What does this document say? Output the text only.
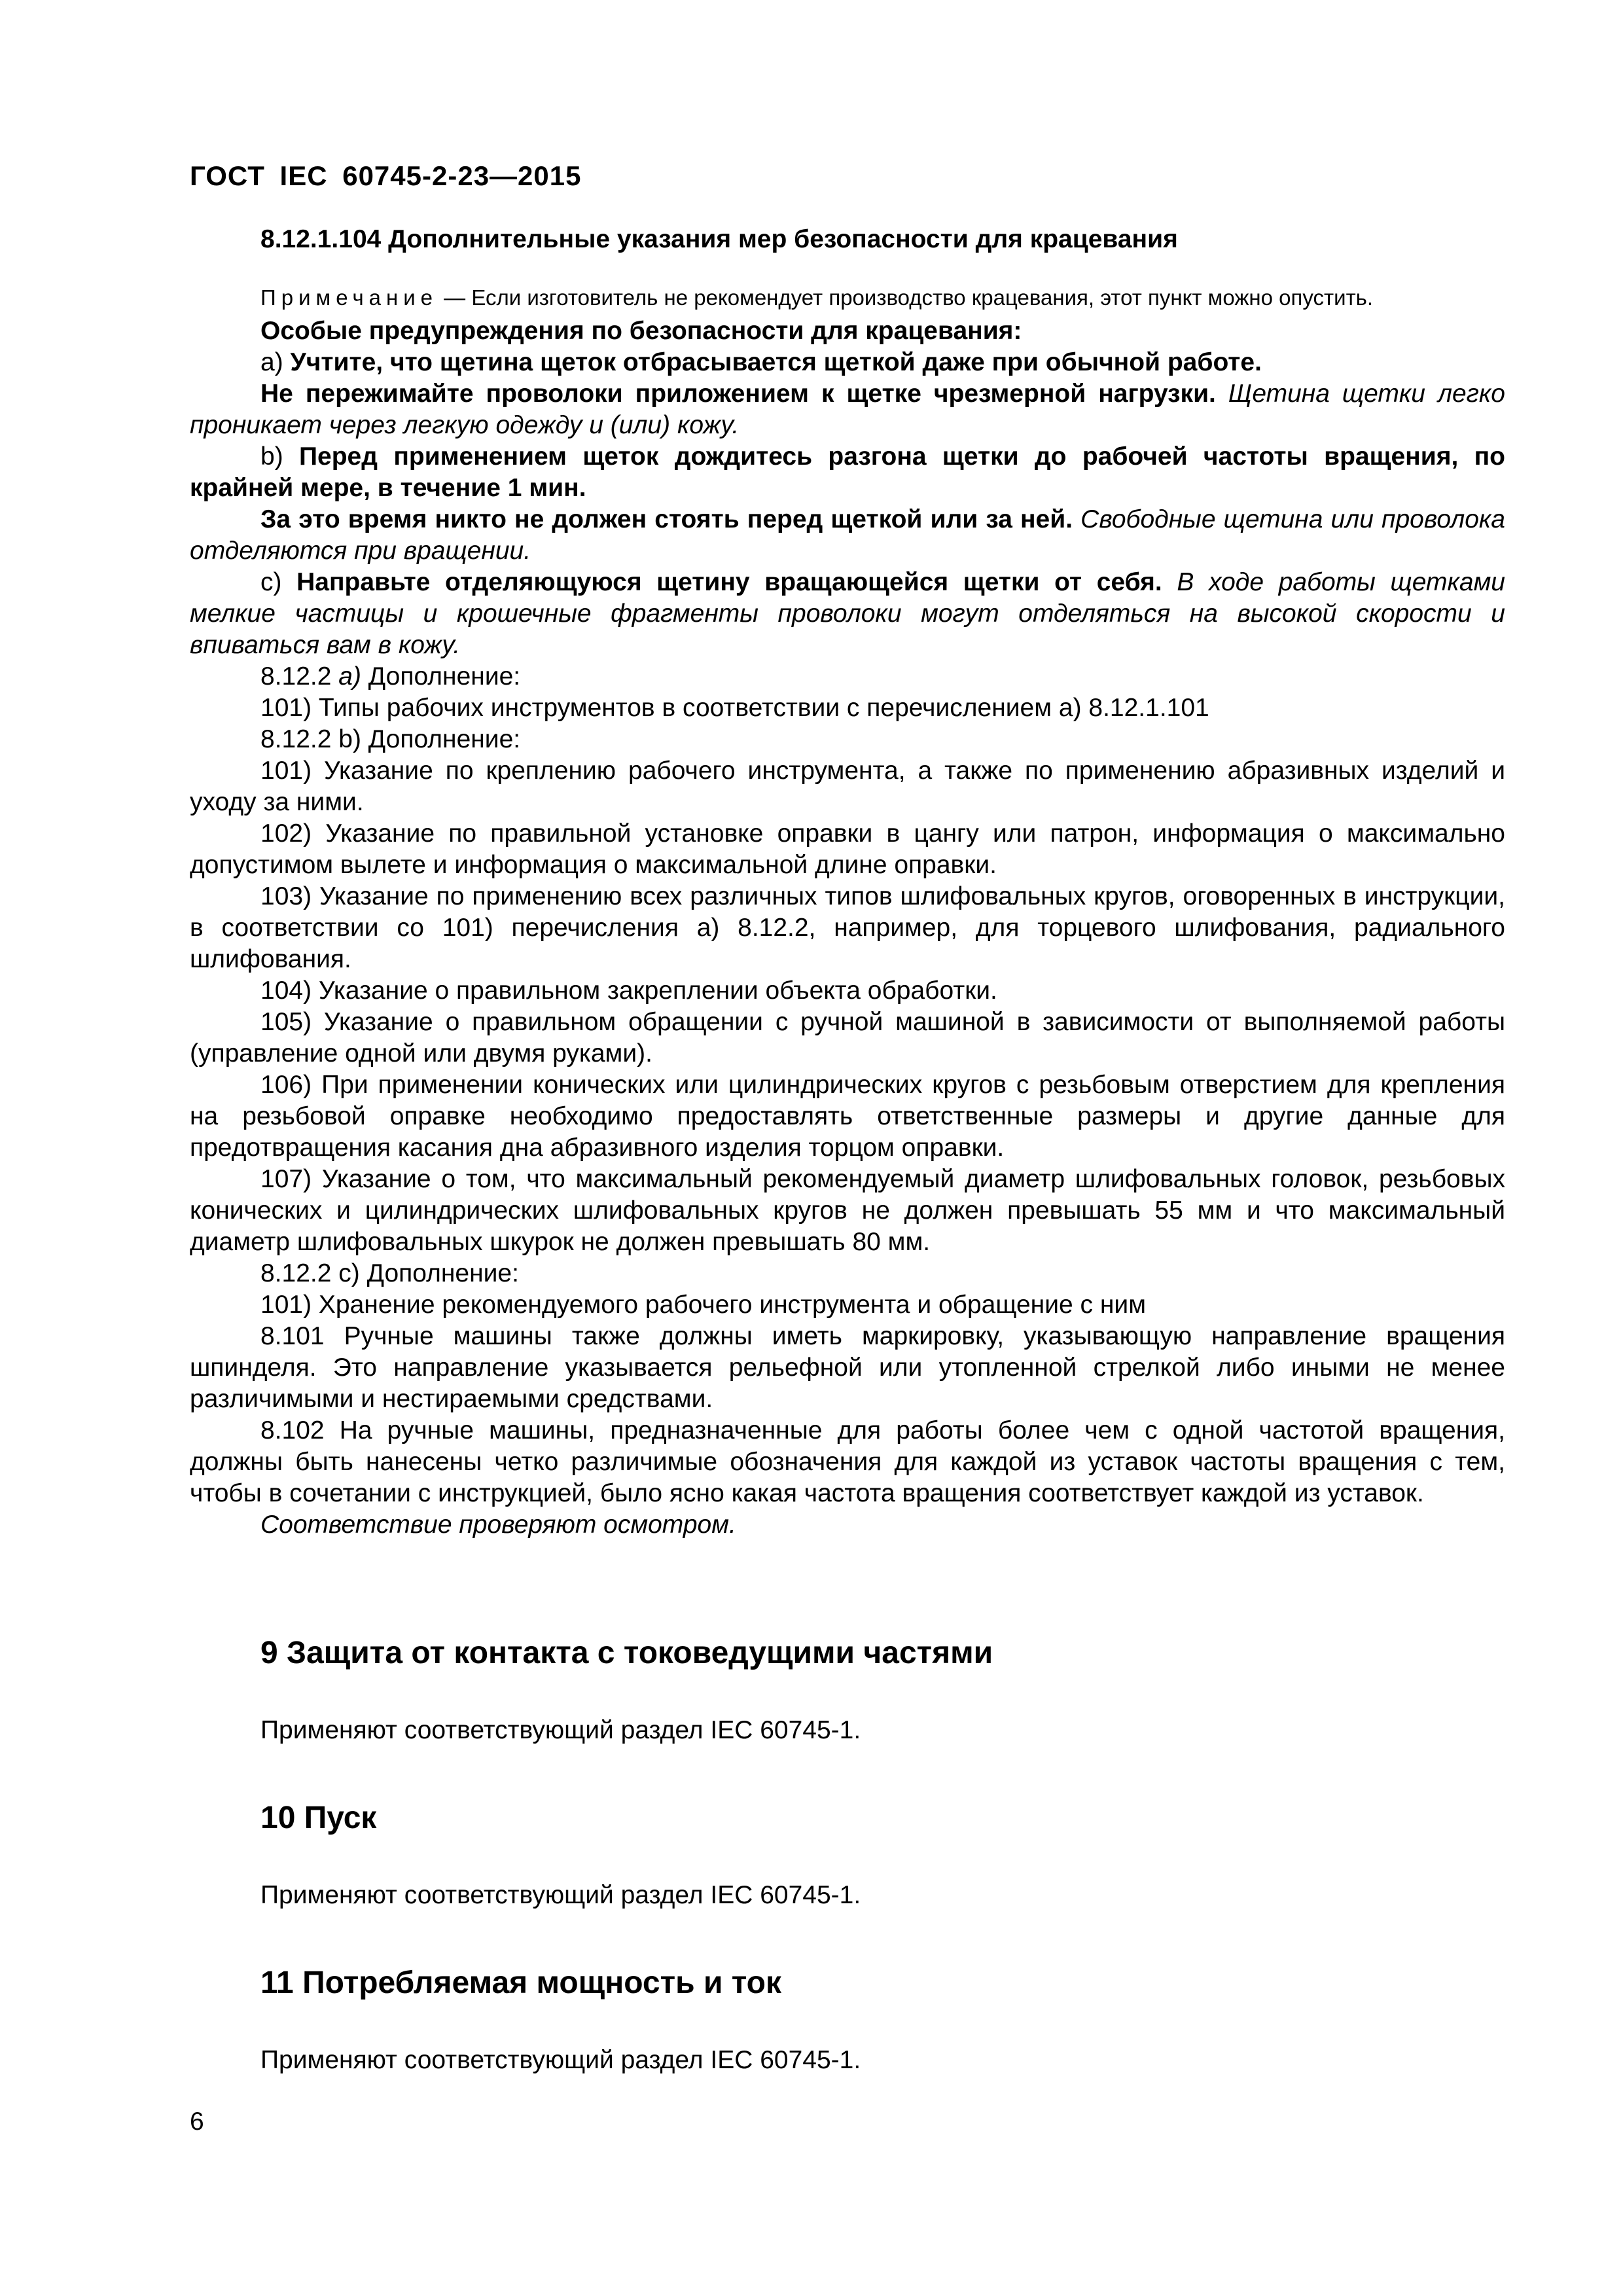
ГОСТ IEC 60745-2-23—2015

8.12.1.104 Дополнительные указания мер безопасности для крацевания

Примечание — Если изготовитель не рекомендует производство крацевания, этот пункт можно опустить.

Особые предупреждения по безопасности для крацевания:

а) Учтите, что щетина щеток отбрасывается щеткой даже при обычной работе.

Не пережимайте проволоки приложением к щетке чрезмерной нагрузки. Щетина щетки легко проникает через легкую одежду и (или) кожу.

b) Перед применением щеток дождитесь разгона щетки до рабочей частоты вращения, по крайней мере, в течение 1 мин.

За это время никто не должен стоять перед щеткой или за ней. Свободные щетина или проволока отделяются при вращении.

с) Направьте отделяющуюся щетину вращающейся щетки от себя. В ходе работы щетками мелкие частицы и крошечные фрагменты проволоки могут отделяться на высокой скорости и впиваться вам в кожу.

8.12.2 а) Дополнение:

101) Типы рабочих инструментов в соответствии с перечислением а) 8.12.1.101

8.12.2 b) Дополнение:

101) Указание по креплению рабочего инструмента, а также по применению абразивных изделий и уходу за ними.

102) Указание по правильной установке оправки в цангу или патрон, информация о максимально допустимом вылете и информация о максимальной длине оправки.

103) Указание по применению всех различных типов шлифовальных кругов, оговоренных в инструкции, в соответствии со 101) перечисления а) 8.12.2, например, для торцевого шлифования, радиального шлифования.

104) Указание о правильном закреплении объекта обработки.

105) Указание о правильном обращении с ручной машиной в зависимости от выполняемой работы (управление одной или двумя руками).

106) При применении конических или цилиндрических кругов с резьбовым отверстием для крепления на резьбовой оправке необходимо предоставлять ответственные размеры и другие данные для предотвращения касания дна абразивного изделия торцом оправки.

107) Указание о том, что максимальный рекомендуемый диаметр шлифовальных головок, резьбовых конических и цилиндрических шлифовальных кругов не должен превышать 55 мм и что максимальный диаметр шлифовальных шкурок не должен превышать 80 мм.

8.12.2 с) Дополнение:

101) Хранение рекомендуемого рабочего инструмента и обращение с ним

8.101 Ручные машины также должны иметь маркировку, указывающую направление вращения шпинделя. Это направление указывается рельефной или утопленной стрелкой либо иными не менее различимыми и нестираемыми средствами.

8.102 На ручные машины, предназначенные для работы более чем с одной частотой вращения, должны быть нанесены четко различимые обозначения для каждой из уставок частоты вращения с тем, чтобы в сочетании с инструкцией, было ясно какая частота вращения соответствует каждой из уставок.

Соответствие проверяют осмотром.

9 Защита от контакта с токоведущими частями

Применяют соответствующий раздел IEC 60745-1.

10 Пуск

Применяют соответствующий раздел IEC 60745-1.

11 Потребляемая мощность и ток

Применяют соответствующий раздел IEC 60745-1.

6
